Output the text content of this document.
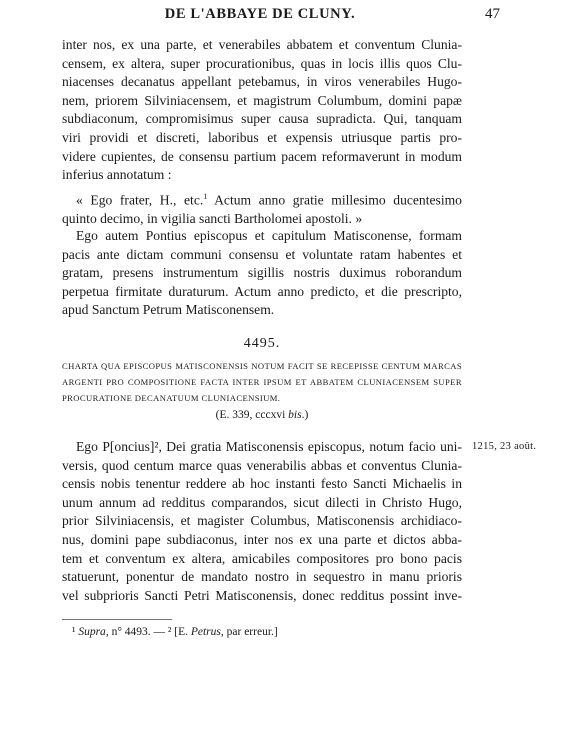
DE L'ABBAYE DE CLUNY.	47
inter nos, ex una parte, et venerabiles abbatem et conventum Clunia-
censem, ex altera, super procurationibus, quas in locis illis quos Clu-
niacenses decanatus appellant petebamus, in viros venerabiles Hugo-
nem, priorem Silviniacensem, et magistrum Columbum, domini papæ
subdiaconum, compromisimus super causa supradicta. Qui, tanquam
viri providi et discreti, laboribus et expensis utriusque partis pro-
videre cupientes, de consensu partium pacem reformaverunt in modum
inferius annotatum :
« Ego frater, H., etc.$^1$ Actum anno gratie millesimo ducentesimo
quinto decimo, in vigilia sancti Bartholomei apostoli. »
Ego autem Pontius episcopus et capitulum Matisconense, formam
pacis ante dictam communi consensu et voluntate ratam habentes et
gratam, presens instrumentum sigillis nostris duximus roborandum
perpetua firmitate duraturum. Actum anno predicto, et die prescripto,
apud Sanctum Petrum Matisconensem.
4495.
CHARTA QUA EPISCOPUS MATISCONENSIS NOTUM FACIT SE RECEPISSE CENTUM MARCAS
ARGENTI PRO COMPOSITIONE FACTA INTER IPSUM ET ABBATEM CLUNIACENSEM SUPER
PROCURATIONE DECANATUUM CLUNIACENSIUM.
(E. 339, cccxvi bis.)
1215, 23 août.
Ego P[oncius]², Dei gratia Matisconensis episcopus, notum facio uni-
versis, quod centum marce quas venerabilis abbas et conventus Clunia-
censis nobis tenentur reddere ab hoc instanti festo Sancti Michaelis in
unum annum ad redditus comparandos, sicut dilecti in Christo Hugo,
prior Silviniacensis, et magister Columbus, Matisconensis archidiaco-
nus, domini pape subdiaconus, inter nos ex una parte et dictos abba-
tem et conventum ex altera, amicabiles compositores pro bono pacis
statuerunt, ponentur de mandato nostro in sequestro in manu prioris
vel subprioris Sancti Petri Matisconensis, donec redditus possint inve-
¹ Supra, n° 4493. — ² [E. Petrus, par erreur.]
